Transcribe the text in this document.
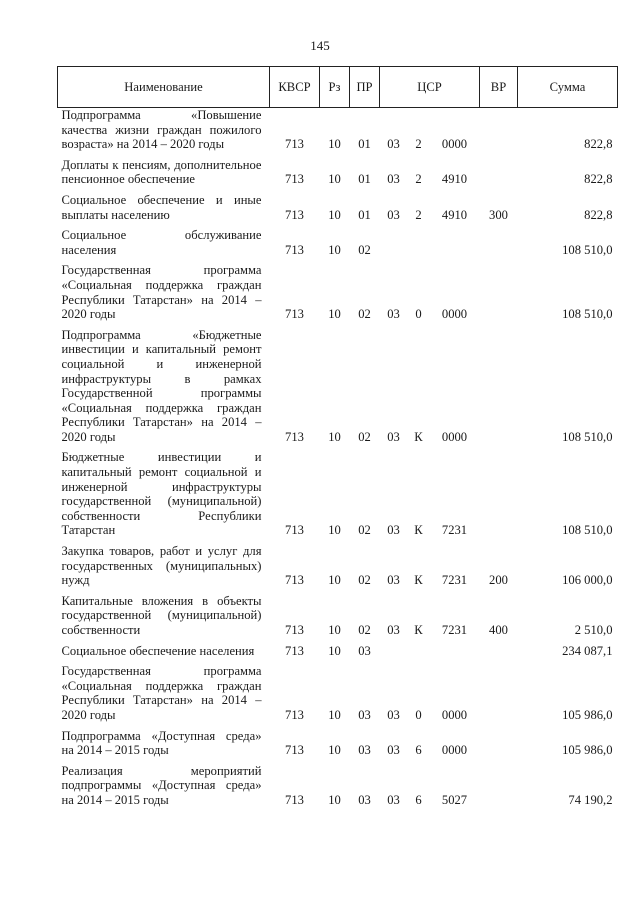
145
Наименование	КВСР	Рз	ПР	ЦСР			ВР	Сумма
Подпрограмма «Повышение качества жизни граждан пожилого возраста» на 2014 – 2020 годы	713	10	01	03	2	0000		822,8
Доплаты к пенсиям, дополнительное пенсионное обеспечение	713	10	01	03	2	4910		822,8
Социальное обеспечение и иные выплаты населению	713	10	01	03	2	4910	300	822,8
Социальное обслуживание населения	713	10	02					108 510,0
Государственная программа «Социальная поддержка граждан Республики Татарстан» на 2014 – 2020 годы	713	10	02	03	0	0000		108 510,0
Подпрограмма «Бюджетные инвестиции и капитальный ремонт социальной и инженерной инфраструктуры в рамках Государственной программы «Социальная поддержка граждан Республики Татарстан» на 2014 – 2020 годы	713	10	02	03	К	0000		108 510,0
Бюджетные инвестиции и капитальный ремонт социальной и инженерной инфраструктуры государственной (муниципальной) собственности Республики Татарстан	713	10	02	03	К	7231		108 510,0
Закупка товаров, работ и услуг для государственных (муниципальных) нужд	713	10	02	03	К	7231	200	106 000,0
Капитальные вложения в объекты государственной (муниципальной) собственности	713	10	02	03	К	7231	400	2 510,0
Социальное обеспечение населения	713	10	03					234 087,1
Государственная программа «Социальная поддержка граждан Республики Татарстан» на 2014 – 2020 годы	713	10	03	03	0	0000		105 986,0
Подпрограмма «Доступная среда» на 2014 – 2015 годы	713	10	03	03	6	0000		105 986,0
Реализация мероприятий подпрограммы «Доступная среда» на 2014 – 2015 годы	713	10	03	03	6	5027		74 190,2
